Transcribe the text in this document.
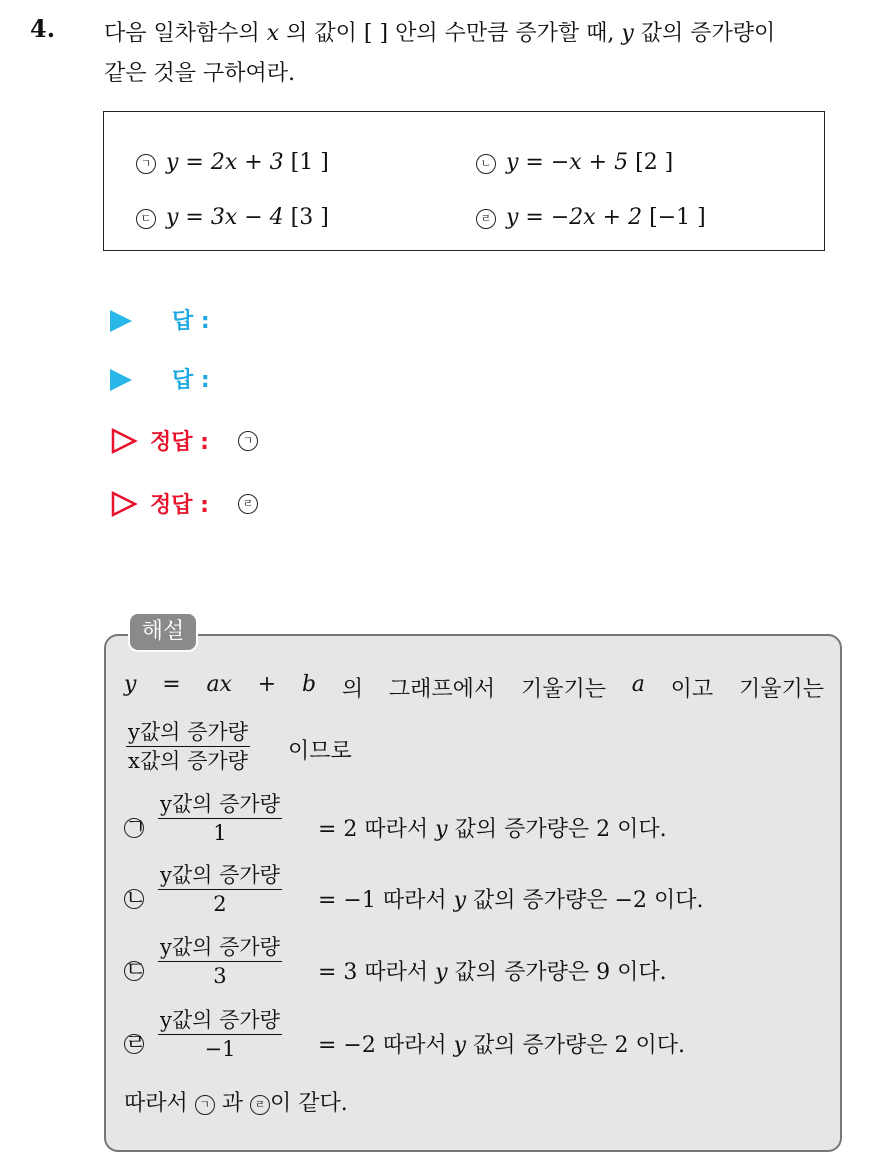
4. 다음 일차함수의 x 의 값이 [ ] 안의 수만큼 증가할 때, y 값의 증가량이
같은 것을 구하여라.
ㄱ y = 2x + 3 [1 ]	ㄴ y = −x + 5 [2 ]
ㄷ y = 3x − 4 [3 ]	ㄹ y = −2x + 2 [−1 ]
답 :
답 :
정답 :	ㄱ
정답 :	ㄹ
해설
y = ax + b 의 그래프에서 기울기는 a 이고 기울기는
y값의 증가량
x값의 증가량 이므로
ㄱ
y값의 증가량
1	= 2 따라서 y 값의 증가량은 2 이다.
ㄴ
y값의 증가량
2	= −1 따라서 y 값의 증가량은 −2 이다.
ㄷ
y값의 증가량
3	= 3 따라서 y 값의 증가량은 9 이다.
ㄹ
y값의 증가량
−1	= −2 따라서 y 값의 증가량은 2 이다.
따라서 ㄱ 과 ㄹ 이 같다.
